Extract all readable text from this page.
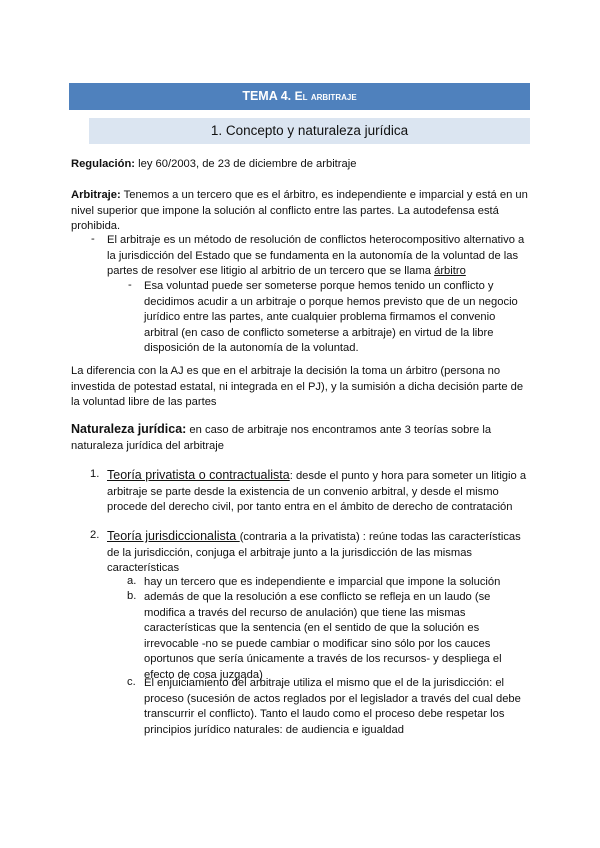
TEMA 4. El arbitraje
1. Concepto y naturaleza jurídica
Regulación: ley 60/2003, de 23 de diciembre de arbitraje
Arbitraje: Tenemos a un tercero que es el árbitro, es independiente e imparcial y está en un nivel superior que impone la solución al conflicto entre las partes. La autodefensa está prohibida.
- El arbitraje es un método de resolución de conflictos heterocompositivo alternativo a la jurisdicción del Estado que se fundamenta en la autonomía de la voluntad de las partes de resolver ese litigio al arbitrio de un tercero que se llama árbitro
- Esa voluntad puede ser someterse porque hemos tenido un conflicto y decidimos acudir a un arbitraje o porque hemos previsto que de un negocio jurídico entre las partes, ante cualquier problema firmamos el convenio arbitral (en caso de conflicto someterse a arbitraje) en virtud de la libre disposición de la autonomía de la voluntad.
La diferencia con la AJ es que en el arbitraje la decisión la toma un árbitro (persona no investida de potestad estatal, ni integrada en el PJ), y la sumisión a dicha decisión parte de la voluntad libre de las partes
Naturaleza jurídica: en caso de arbitraje nos encontramos ante 3 teorías sobre la naturaleza jurídica del arbitraje
1. Teoría privatista o contractualista: desde el punto y hora para someter un litigio a arbitraje se parte desde la existencia de un convenio arbitral, y desde el mismo procede del derecho civil, por tanto entra en el ámbito de derecho de contratación
2. Teoría jurisdiccionalista (contraria a la privatista) : reúne todas las características de la jurisdicción, conjuga el arbitraje junto a la jurisdicción de las mismas características
a. hay un tercero que es independiente e imparcial que impone la solución
b. además de que la resolución a ese conflicto se refleja en un laudo (se modifica a través del recurso de anulación) que tiene las mismas características que la sentencia (en el sentido de que la solución es irrevocable -no se puede cambiar o modificar sino sólo por los cauces oportunos que sería únicamente a través de los recursos- y despliega el efecto de cosa juzgada)
c. El enjuiciamiento del arbitraje utiliza el mismo que el de la jurisdicción: el proceso (sucesión de actos reglados por el legislador a través del cual debe transcurrir el conflicto). Tanto el laudo como el proceso debe respetar los principios jurídico naturales: de audiencia e igualdad
